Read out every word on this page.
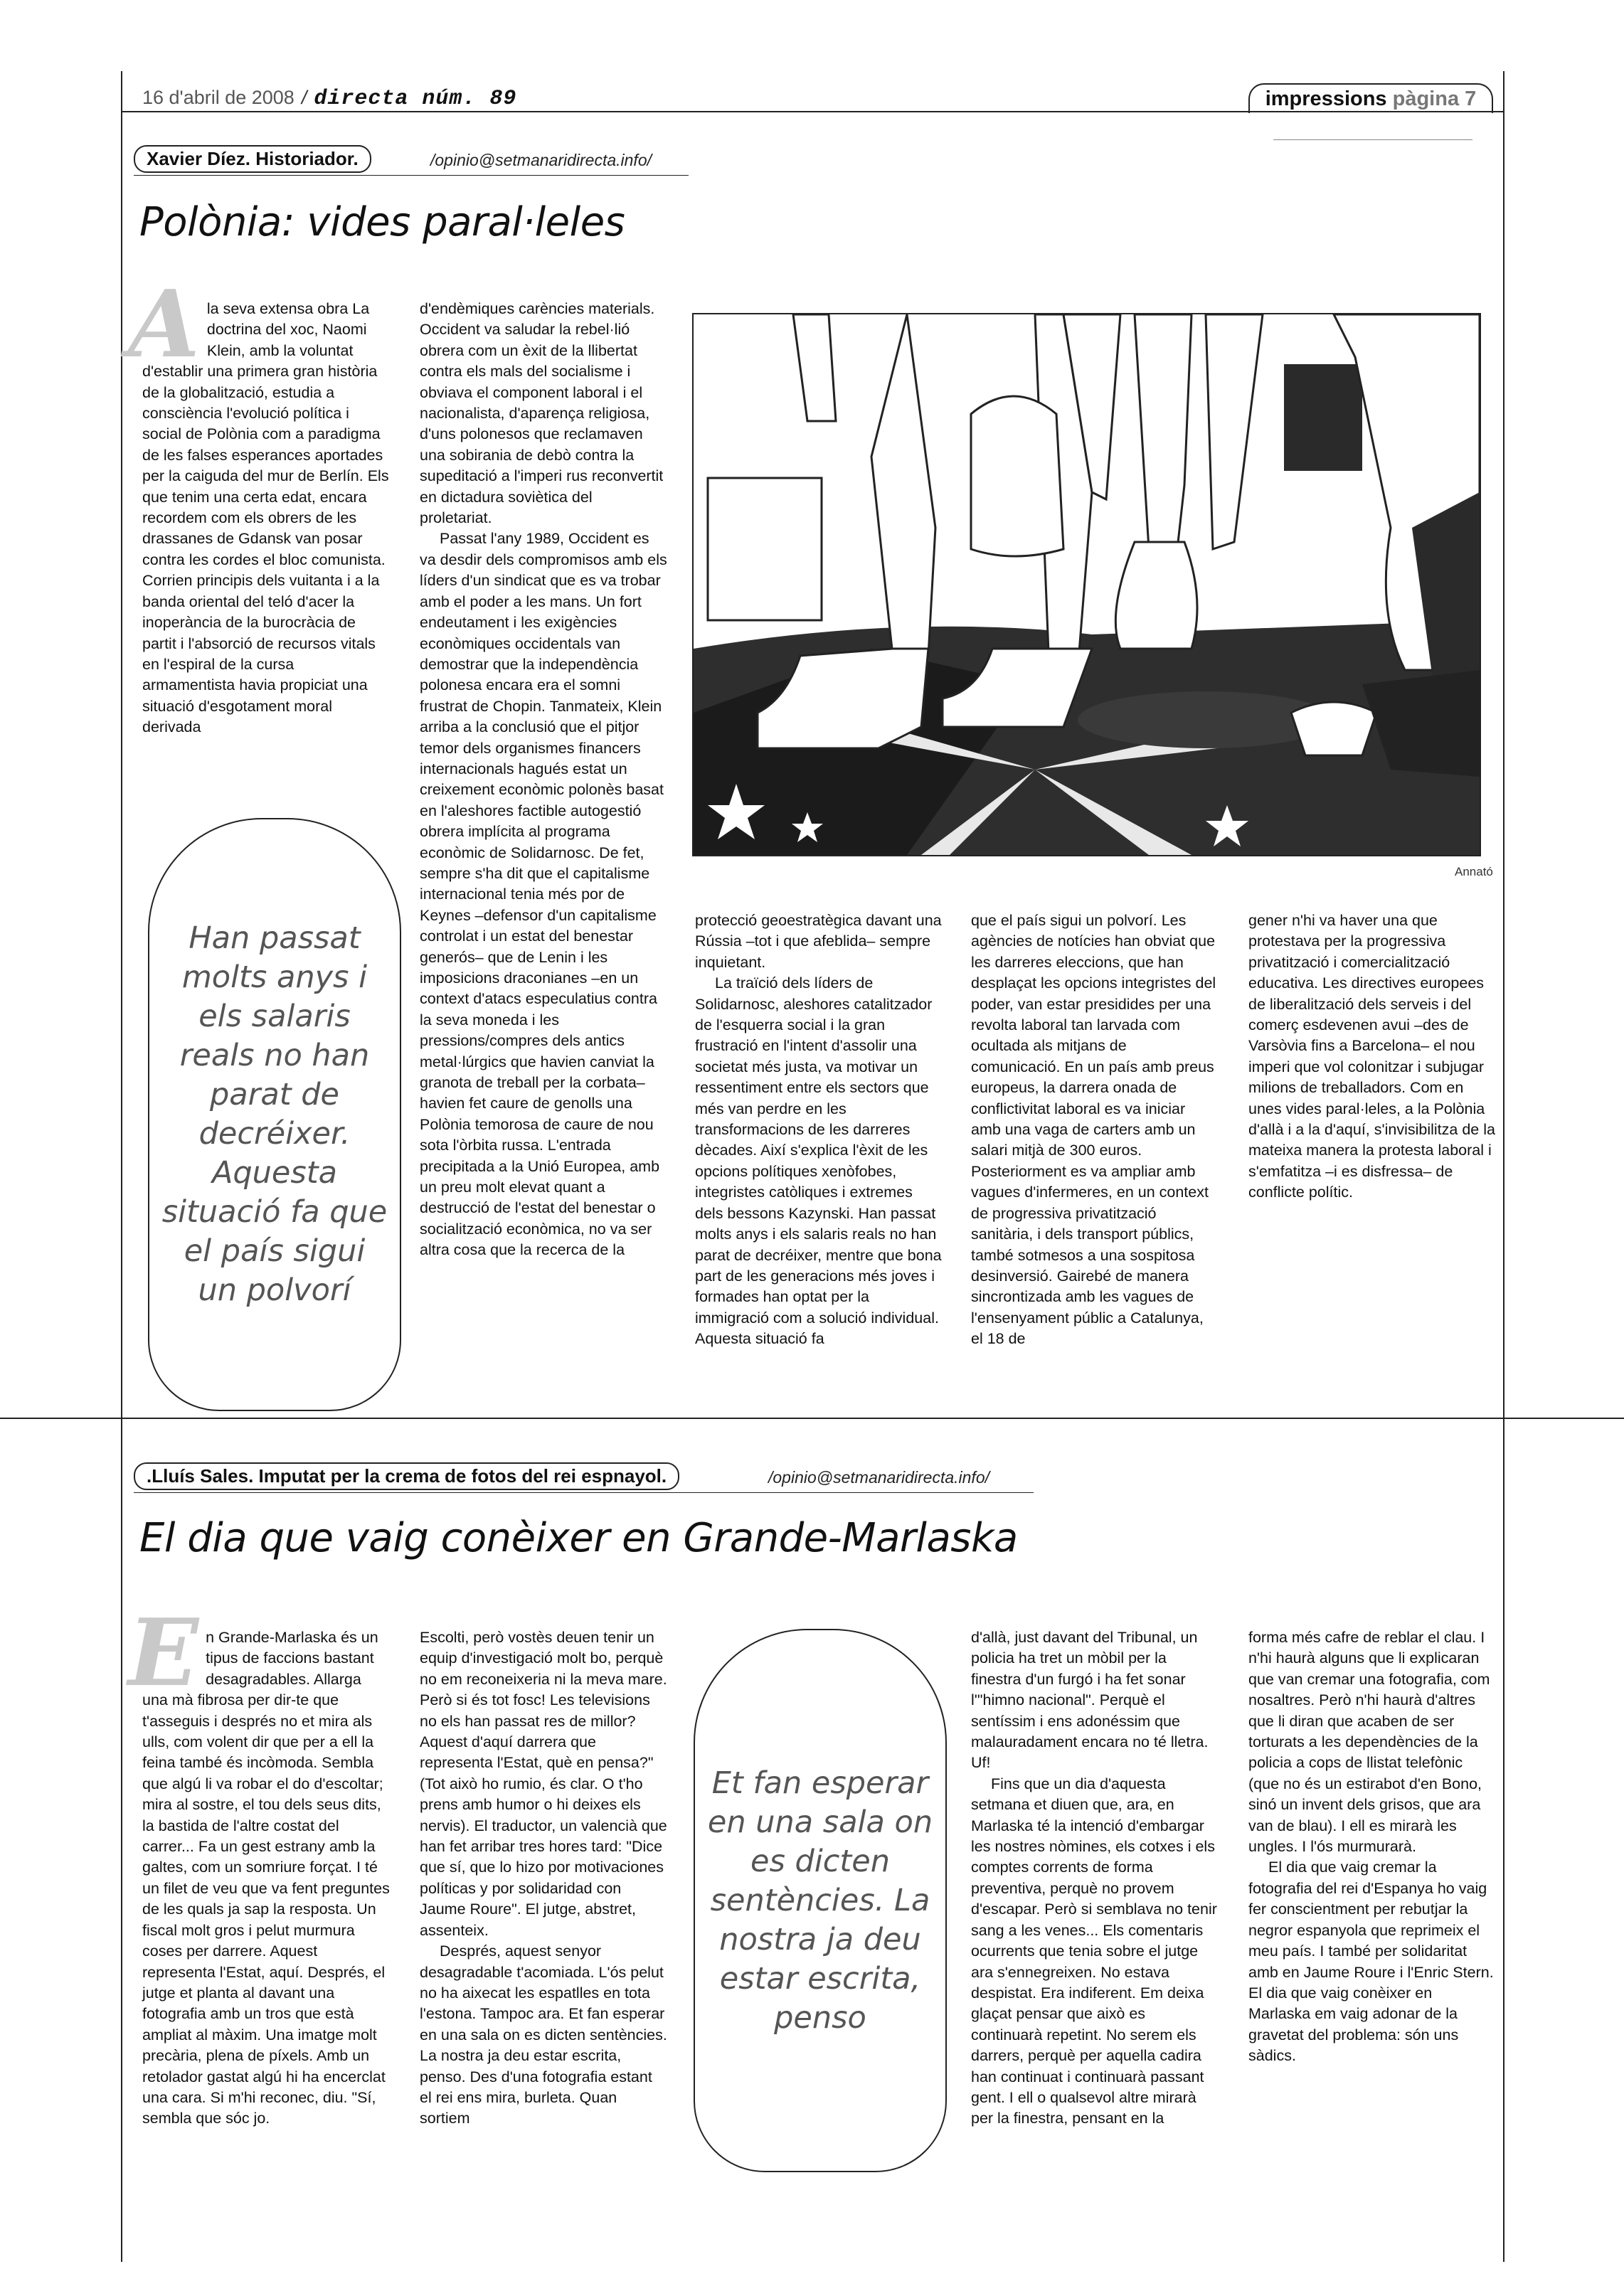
16 d'abril de 2008 / directa núm. 89	impressions pàgina 7
Xavier Díez. Historiador.	/opinio@setmanaridirecta.info/
Polònia: vides paral·leles

Ala seva extensa obra La doctrina del xoc, Naomi Klein, amb la voluntat d'establir una primera gran història de la globalització, estudia a consciència l'evolució política i social de Polònia com a paradigma de les falses esperances aportades per la caiguda del mur de Berlín. Els que tenim una certa edat, encara recordem com els obrers de les drassanes de Gdansk van posar contra les cordes el bloc comunista. Corrien principis dels vuitanta i a la banda oriental del teló d'acer la inoperància de la burocràcia de partit i l'absorció de recursos vitals en l'espiral de la cursa armamentista havia propiciat una situació d'esgotament moral derivada

d'endèmiques carències materials. Occident va saludar la rebel·lió obrera com un èxit de la llibertat contra els mals del socialisme i obviava el component laboral i el nacionalista, d'aparença religiosa, d'uns polonesos que reclamaven una sobirania de debò contra la supeditació a l'imperi rus reconvertit en dictadura soviètica del proletariat.

Passat l'any 1989, Occident es va desdir dels compromisos amb els líders d'un sindicat que es va trobar amb el poder a les mans. Un fort endeutament i les exigències econòmiques occidentals van demostrar que la independència polonesa encara era el somni frustrat de Chopin. Tanmateix, Klein arriba a la conclusió que el pitjor temor dels organismes financers internacionals hagués estat un creixement econòmic polonès basat en l'aleshores factible autogestió obrera implícita al programa econòmic de Solidarnosc. De fet, sempre s'ha dit que el capitalisme internacional tenia més por de Keynes –defensor d'un capitalisme controlat i un estat del benestar generós– que de Lenin i les imposicions draconianes –en un context d'atacs especulatius contra la seva moneda i les pressions/compres dels antics metal·lúrgics que havien canviat la granota de treball per la corbata– havien fet caure de genolls una Polònia temorosa de caure de nou sota l'òrbita russa. L'entrada precipitada a la Unió Europea, amb un preu molt elevat quant a destrucció de l'estat del benestar o socialització econòmica, no va ser altra cosa que la recerca de la

Annató

protecció geoestratègica davant una Rússia –tot i que afeblida– sempre inquietant.

La traïció dels líders de Solidarnosc, aleshores catalitzador de l'esquerra social i la gran frustració en l'intent d'assolir una societat més justa, va motivar un ressentiment entre els sectors que més van perdre en les transformacions de les darreres dècades. Així s'explica l'èxit de les opcions polítiques xenòfobes, integristes catòliques i extremes dels bessons Kazynski. Han passat molts anys i els salaris reals no han parat de decréixer, mentre que bona part de les generacions més joves i formades han optat per la immigració com a solució individual. Aquesta situació fa

que el país sigui un polvorí. Les agències de notícies han obviat que les darreres eleccions, que han desplaçat les opcions integristes del poder, van estar presidides per una revolta laboral tan larvada com ocultada als mitjans de comunicació. En un país amb preus europeus, la darrera onada de conflictivitat laboral es va iniciar amb una vaga de carters amb un salari mitjà de 300 euros. Posteriorment es va ampliar amb vagues d'infermeres, en un context de progressiva privatització sanitària, i dels transport públics, també sotmesos a una sospitosa desinversió. Gairebé de manera sincrontizada amb les vagues de l'ensenyament públic a Catalunya, el 18 de

gener n'hi va haver una que protestava per la progressiva privatització i comercialització educativa. Les directives europees de liberalització dels serveis i del comerç esdevenen avui –des de Varsòvia fins a Barcelona– el nou imperi que vol colonitzar i subjugar milions de treballadors. Com en unes vides paral·leles, a la Polònia d'allà i a la d'aquí, s'invisibilitza de la mateixa manera la protesta laboral i s'emfatitza –i es disfressa– de conflicte polític.

Han passat molts anys i els salaris reals no han parat de decréixer. Aquesta situació fa que el país sigui un polvorí
.Lluís Sales. Imputat per la crema de fotos del rei espnayol.	/opinio@setmanaridirecta.info/
El dia que vaig conèixer en Grande-Marlaska

En Grande-Marlaska és un tipus de faccions bastant desagradables. Allarga una mà fibrosa per dir-te que t'asseguis i després no et mira als ulls, com volent dir que per a ell la feina també és incòmoda. Sembla que algú li va robar el do d'escoltar; mira al sostre, el tou dels seus dits, la bastida de l'altre costat del carrer... Fa un gest estrany amb la galtes, com un somriure forçat. I té un filet de veu que va fent preguntes de les quals ja sap la resposta. Un fiscal molt gros i pelut murmura coses per darrere. Aquest representa l'Estat, aquí. Després, el jutge et planta al davant una fotografia amb un tros que està ampliat al màxim. Una imatge molt precària, plena de píxels. Amb un retolador gastat algú hi ha encerclat una cara. Si m'hi reconec, diu. "Sí, sembla que sóc jo.

Escolti, però vostès deuen tenir un equip d'investigació molt bo, perquè no em reconeixeria ni la meva mare. Però si és tot fosc! Les televisions no els han passat res de millor? Aquest d'aquí darrera que representa l'Estat, què en pensa?" (Tot això ho rumio, és clar. O t'ho prens amb humor o hi deixes els nervis). El traductor, un valencià que han fet arribar tres hores tard: "Dice que sí, que lo hizo por motivaciones políticas y por solidaridad con Jaume Roure". El jutge, abstret, assenteix.

Després, aquest senyor desagradable t'acomiada. L'ós pelut no ha aixecat les espatlles en tota l'estona. Tampoc ara. Et fan esperar en una sala on es dicten sentències. La nostra ja deu estar escrita, penso. Des d'una fotografia estant el rei ens mira, burleta. Quan sortiem

Et fan esperar en una sala on es dicten sentències. La nostra ja deu estar escrita, penso

d'allà, just davant del Tribunal, un policia ha tret un mòbil per la finestra d'un furgó i ha fet sonar l'"himno nacional". Perquè el sentíssim i ens adonéssim que malauradament encara no té lletra. Uf!

Fins que un dia d'aquesta setmana et diuen que, ara, en Marlaska té la intenció d'embargar les nostres nòmines, els cotxes i els comptes corrents de forma preventiva, perquè no provem d'escapar. Però si semblava no tenir sang a les venes... Els comentaris ocurrents que tenia sobre el jutge ara s'ennegreixen. No estava despistat. Era indiferent. Em deixa glaçat pensar que això es continuarà repetint. No serem els darrers, perquè per aquella cadira han continuat i continuarà passant gent. I ell o qualsevol altre mirarà per la finestra, pensant en la

forma més cafre de reblar el clau. I n'hi haurà alguns que li explicaran que van cremar una fotografia, com nosaltres. Però n'hi haurà d'altres que li diran que acaben de ser torturats a les dependències de la policia a cops de llistat telefònic (que no és un estirabot d'en Bono, sinó un invent dels grisos, que ara van de blau). I ell es mirarà les ungles. I l'ós murmurarà.

El dia que vaig cremar la fotografia del rei d'Espanya ho vaig fer conscientment per rebutjar la negror espanyola que reprimeix el meu país. I també per solidaritat amb en Jaume Roure i l'Enric Stern. El dia que vaig conèixer en Marlaska em vaig adonar de la gravetat del problema: són uns sàdics.
